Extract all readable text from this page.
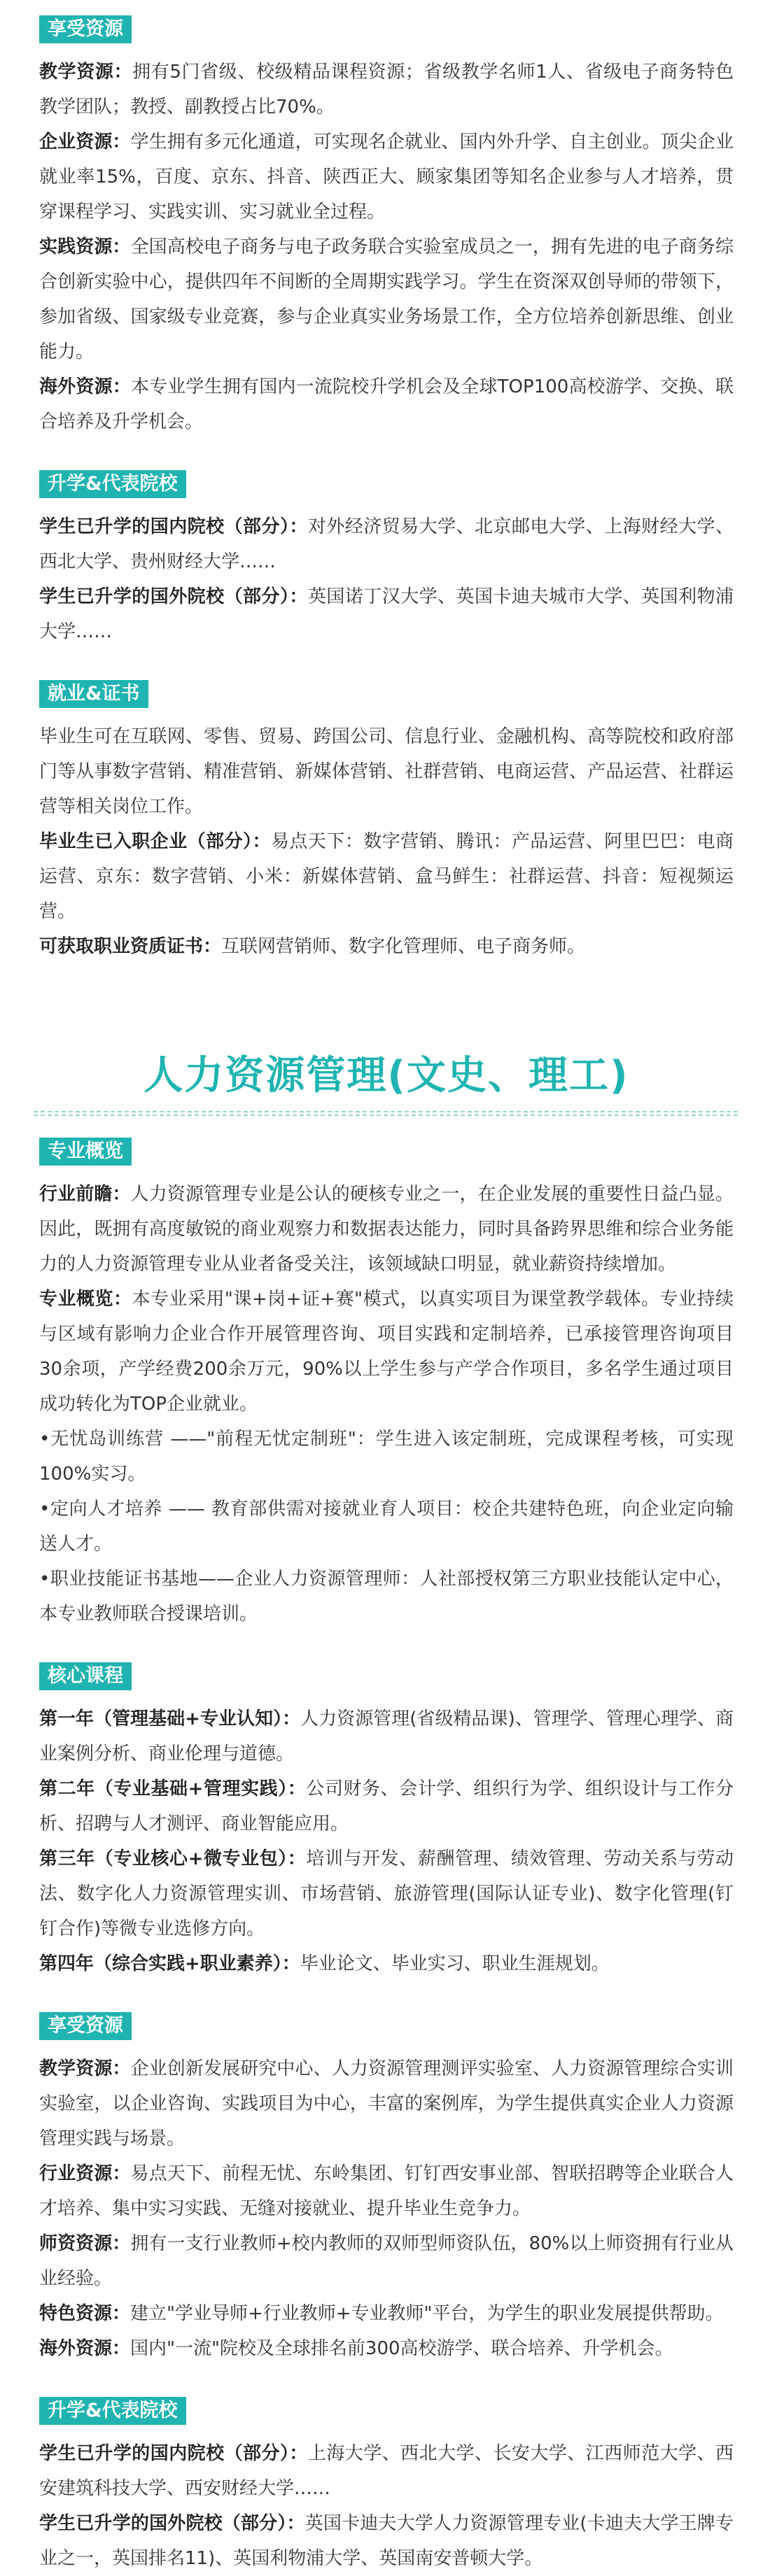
享受资源

教学资源：拥有5门省级、校级精品课程资源；省级教学名师1人、省级电子商务特色教学团队；教授、副教授占比70%。

企业资源：学生拥有多元化通道，可实现名企就业、国内外升学、自主创业。顶尖企业就业率15%，百度、京东、抖音、陕西正大、顾家集团等知名企业参与人才培养，贯穿课程学习、实践实训、实习就业全过程。

实践资源：全国高校电子商务与电子政务联合实验室成员之一，拥有先进的电子商务综合创新实验中心，提供四年不间断的全周期实践学习。学生在资深双创导师的带领下，参加省级、国家级专业竞赛，参与企业真实业务场景工作，全方位培养创新思维、创业能力。

海外资源：本专业学生拥有国内一流院校升学机会及全球TOP100高校游学、交换、联合培养及升学机会。

升学&代表院校

学生已升学的国内院校（部分）：对外经济贸易大学、北京邮电大学、上海财经大学、西北大学、贵州财经大学……

学生已升学的国外院校（部分）：英国诺丁汉大学、英国卡迪夫城市大学、英国利物浦大学……

就业&证书

毕业生可在互联网、零售、贸易、跨国公司、信息行业、金融机构、高等院校和政府部门等从事数字营销、精准营销、新媒体营销、社群营销、电商运营、产品运营、社群运营等相关岗位工作。

毕业生已入职企业（部分）：易点天下：数字营销、腾讯：产品运营、阿里巴巴：电商运营、京东：数字营销、小米：新媒体营销、盒马鲜生：社群运营、抖音：短视频运营。

可获取职业资质证书：互联网营销师、数字化管理师、电子商务师。

人力资源管理(文史、理工)
专业概览

行业前瞻：人力资源管理专业是公认的硬核专业之一，在企业发展的重要性日益凸显。因此，既拥有高度敏锐的商业观察力和数据表达能力，同时具备跨界思维和综合业务能力的人力资源管理专业从业者备受关注，该领域缺口明显，就业薪资持续增加。

专业概览：本专业采用"课+岗+证+赛"模式，以真实项目为课堂教学载体。专业持续与区域有影响力企业合作开展管理咨询、项目实践和定制培养，已承接管理咨询项目30余项，产学经费200余万元，90%以上学生参与产学合作项目，多名学生通过项目成功转化为TOP企业就业。

•无忧岛训练营 ——"前程无忧定制班"：学生进入该定制班，完成课程考核，可实现100%实习。

•定向人才培养 —— 教育部供需对接就业育人项目：校企共建特色班，向企业定向输送人才。

•职业技能证书基地——企业人力资源管理师：人社部授权第三方职业技能认定中心，本专业教师联合授课培训。

核心课程

第一年（管理基础+专业认知）：人力资源管理(省级精品课)、管理学、管理心理学、商业案例分析、商业伦理与道德。

第二年（专业基础+管理实践）：公司财务、会计学、组织行为学、组织设计与工作分析、招聘与人才测评、商业智能应用。

第三年（专业核心+微专业包）：培训与开发、薪酬管理、绩效管理、劳动关系与劳动法、数字化人力资源管理实训、市场营销、旅游管理(国际认证专业)、数字化管理(钉钉合作)等微专业选修方向。

第四年（综合实践+职业素养）：毕业论文、毕业实习、职业生涯规划。

享受资源

教学资源：企业创新发展研究中心、人力资源管理测评实验室、人力资源管理综合实训实验室，以企业咨询、实践项目为中心，丰富的案例库，为学生提供真实企业人力资源管理实践与场景。

行业资源：易点天下、前程无忧、东岭集团、钉钉西安事业部、智联招聘等企业联合人才培养、集中实习实践、无缝对接就业、提升毕业生竞争力。

师资资源：拥有一支行业教师+校内教师的双师型师资队伍，80%以上师资拥有行业从业经验。

特色资源：建立"学业导师+行业教师+专业教师"平台，为学生的职业发展提供帮助。

海外资源：国内"一流"院校及全球排名前300高校游学、联合培养、升学机会。

升学&代表院校

学生已升学的国内院校（部分）：上海大学、西北大学、长安大学、江西师范大学、西安建筑科技大学、西安财经大学……

学生已升学的国外院校（部分）：英国卡迪夫大学人力资源管理专业(卡迪夫大学王牌专业之一，英国排名11)、英国利物浦大学、英国南安普顿大学。
